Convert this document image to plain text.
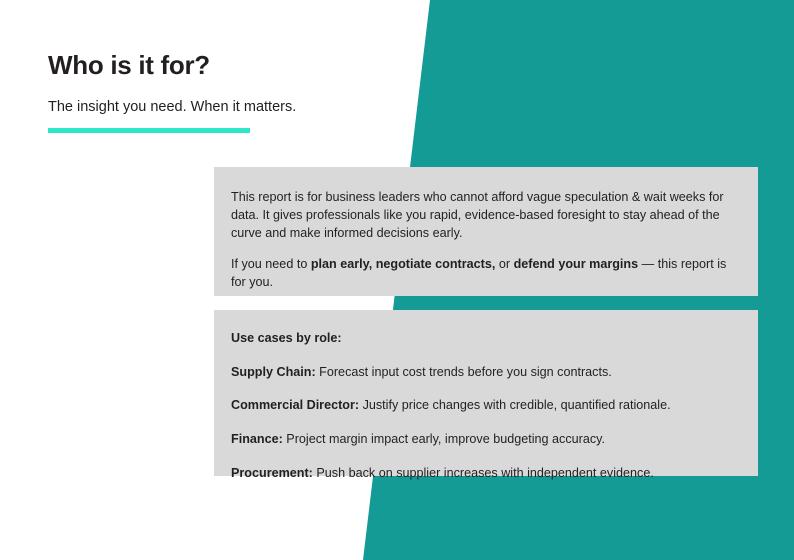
Who is it for?

The insight you need. When it matters.

This report is for business leaders who cannot afford vague speculation & wait weeks for data. It gives professionals like you rapid, evidence-based foresight to stay ahead of the curve and make informed decisions early.

If you need to plan early, negotiate contracts, or defend your margins — this report is for you.

Use cases by role:

Supply Chain: Forecast input cost trends before you sign contracts.

Commercial Director: Justify price changes with credible, quantified rationale.

Finance: Project margin impact early, improve budgeting accuracy.

Procurement: Push back on supplier increases with independent evidence.
